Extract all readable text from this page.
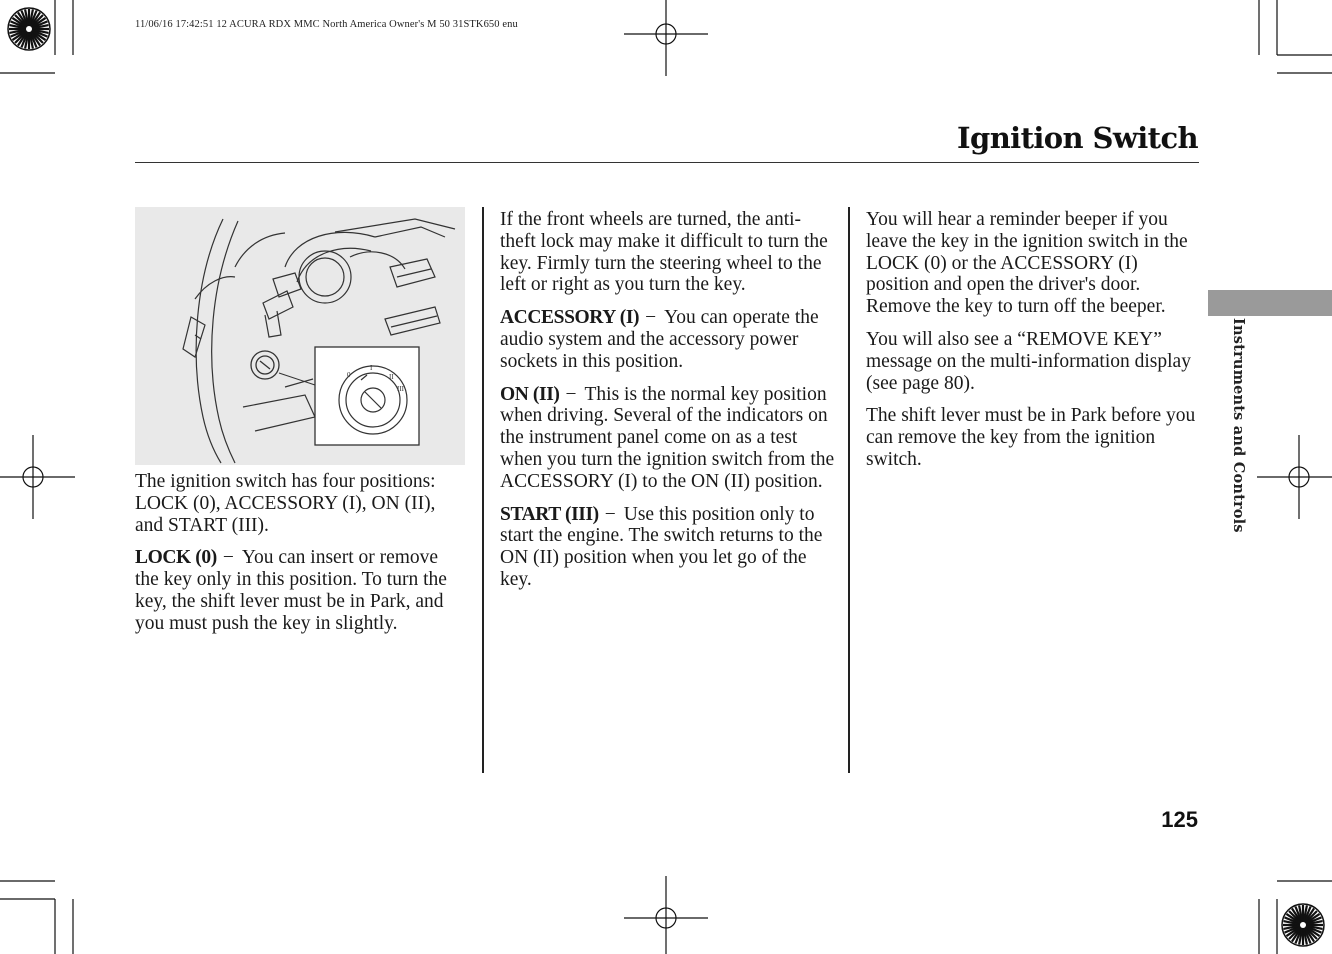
11/06/16 17:42:51 12 ACURA RDX MMC North America Owner's M 50 31STK650 enu
Ignition Switch

Instruments and Controls

0
I
II
III

The ignition switch has four positions: LOCK (0), ACCESSORY (I), ON (II), and START (III).

LOCK (0) − You can insert or remove the key only in this position. To turn the key, the shift lever must be in Park, and you must push the key in slightly.

If the front wheels are turned, the anti-theft lock may make it difficult to turn the key. Firmly turn the steering wheel to the left or right as you turn the key.

ACCESSORY (I) − You can operate the audio system and the accessory power sockets in this position.

ON (II) − This is the normal key position when driving. Several of the indicators on the instrument panel come on as a test when you turn the ignition switch from the ACCESSORY (I) to the ON (II) position.

START (III) − Use this position only to start the engine. The switch returns to the ON (II) position when you let go of the key.

You will hear a reminder beeper if you leave the key in the ignition switch in the LOCK (0) or the ACCESSORY (I) position and open the driver's door. Remove the key to turn off the beeper.

You will also see a “REMOVE KEY” message on the multi-information display (see page 80).

The shift lever must be in Park before you can remove the key from the ignition switch.

125
